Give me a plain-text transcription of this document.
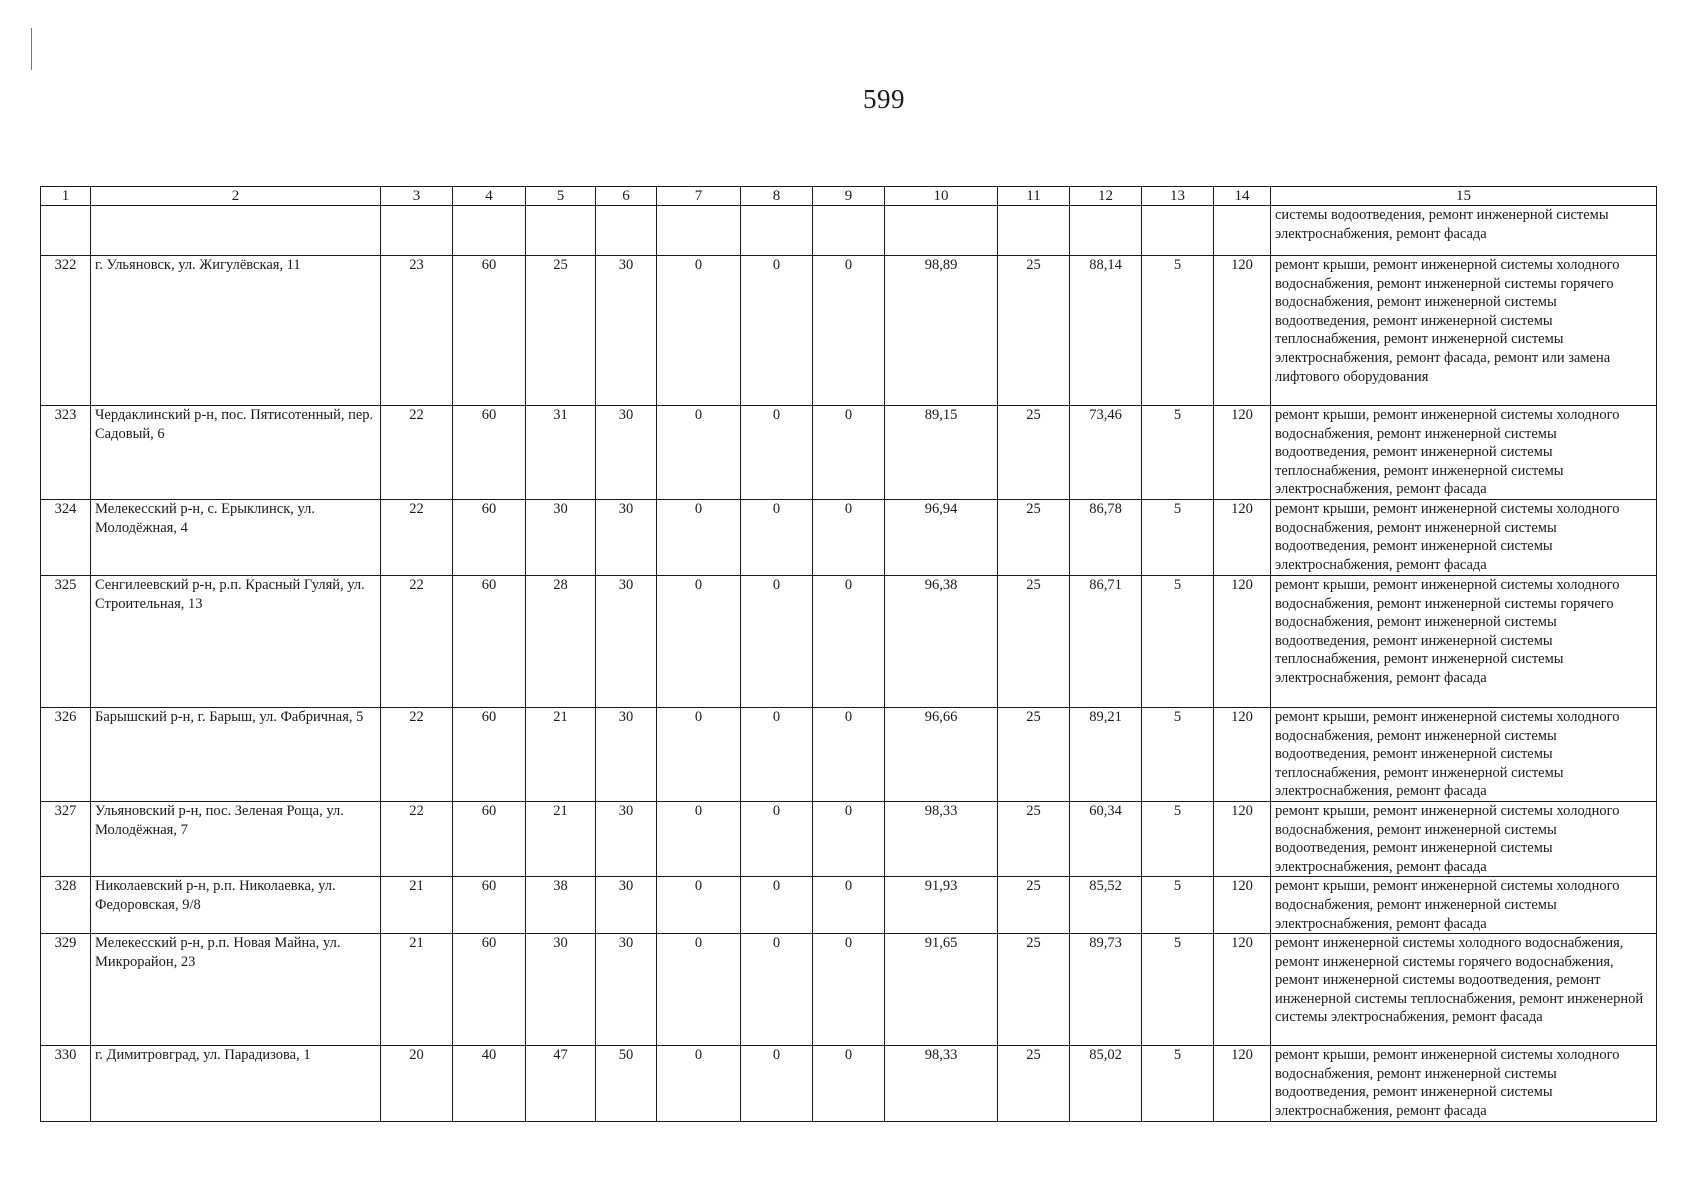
599
1	2	3	4	5	6	7	8	9	10	11	12	13	14	15
														системы водоотведения, ремонт инженерной системы электроснабжения, ремонт фасада
322	г. Ульяновск, ул. Жигулёвская, 11	23	60	25	30	0	0	0	98,89	25	88,14	5	120	ремонт крыши, ремонт инженерной системы холодного водоснабжения, ремонт инженерной системы горячего водоснабжения, ремонт инженерной системы водоотведения, ремонт инженерной системы теплоснабжения, ремонт инженерной системы электроснабжения, ремонт фасада, ремонт или замена лифтового оборудования
323	Чердаклинский р-н, пос. Пятисотенный, пер. Садовый, 6	22	60	31	30	0	0	0	89,15	25	73,46	5	120	ремонт крыши, ремонт инженерной системы холодного водоснабжения, ремонт инженерной системы водоотведения, ремонт инженерной системы теплоснабжения, ремонт инженерной системы электроснабжения, ремонт фасада
324	Мелекесский р-н, с. Ерыклинск, ул. Молодёжная, 4	22	60	30	30	0	0	0	96,94	25	86,78	5	120	ремонт крыши, ремонт инженерной системы холодного водоснабжения, ремонт инженерной системы водоотведения, ремонт инженерной системы электроснабжения, ремонт фасада
325	Сенгилеевский р-н, р.п. Красный Гуляй, ул. Строительная, 13	22	60	28	30	0	0	0	96,38	25	86,71	5	120	ремонт крыши, ремонт инженерной системы холодного водоснабжения, ремонт инженерной системы горячего водоснабжения, ремонт инженерной системы водоотведения, ремонт инженерной системы теплоснабжения, ремонт инженерной системы электроснабжения, ремонт фасада
326	Барышский р-н, г. Барыш, ул. Фабричная, 5	22	60	21	30	0	0	0	96,66	25	89,21	5	120	ремонт крыши, ремонт инженерной системы холодного водоснабжения, ремонт инженерной системы водоотведения, ремонт инженерной системы теплоснабжения, ремонт инженерной системы электроснабжения, ремонт фасада
327	Ульяновский р-н, пос. Зеленая Роща, ул. Молодёжная, 7	22	60	21	30	0	0	0	98,33	25	60,34	5	120	ремонт крыши, ремонт инженерной системы холодного водоснабжения, ремонт инженерной системы водоотведения, ремонт инженерной системы электроснабжения, ремонт фасада
328	Николаевский р-н, р.п. Николаевка, ул. Федоровская, 9/8	21	60	38	30	0	0	0	91,93	25	85,52	5	120	ремонт крыши, ремонт инженерной системы холодного водоснабжения, ремонт инженерной системы электроснабжения, ремонт фасада
329	Мелекесский р-н, р.п. Новая Майна, ул. Микрорайон, 23	21	60	30	30	0	0	0	91,65	25	89,73	5	120	ремонт инженерной системы холодного водоснабжения, ремонт инженерной системы горячего водоснабжения, ремонт инженерной системы водоотведения, ремонт инженерной системы теплоснабжения, ремонт инженерной системы электроснабжения, ремонт фасада
330	г. Димитровград, ул. Парадизова, 1	20	40	47	50	0	0	0	98,33	25	85,02	5	120	ремонт крыши, ремонт инженерной системы холодного водоснабжения, ремонт инженерной системы водоотведения, ремонт инженерной системы электроснабжения, ремонт фасада
